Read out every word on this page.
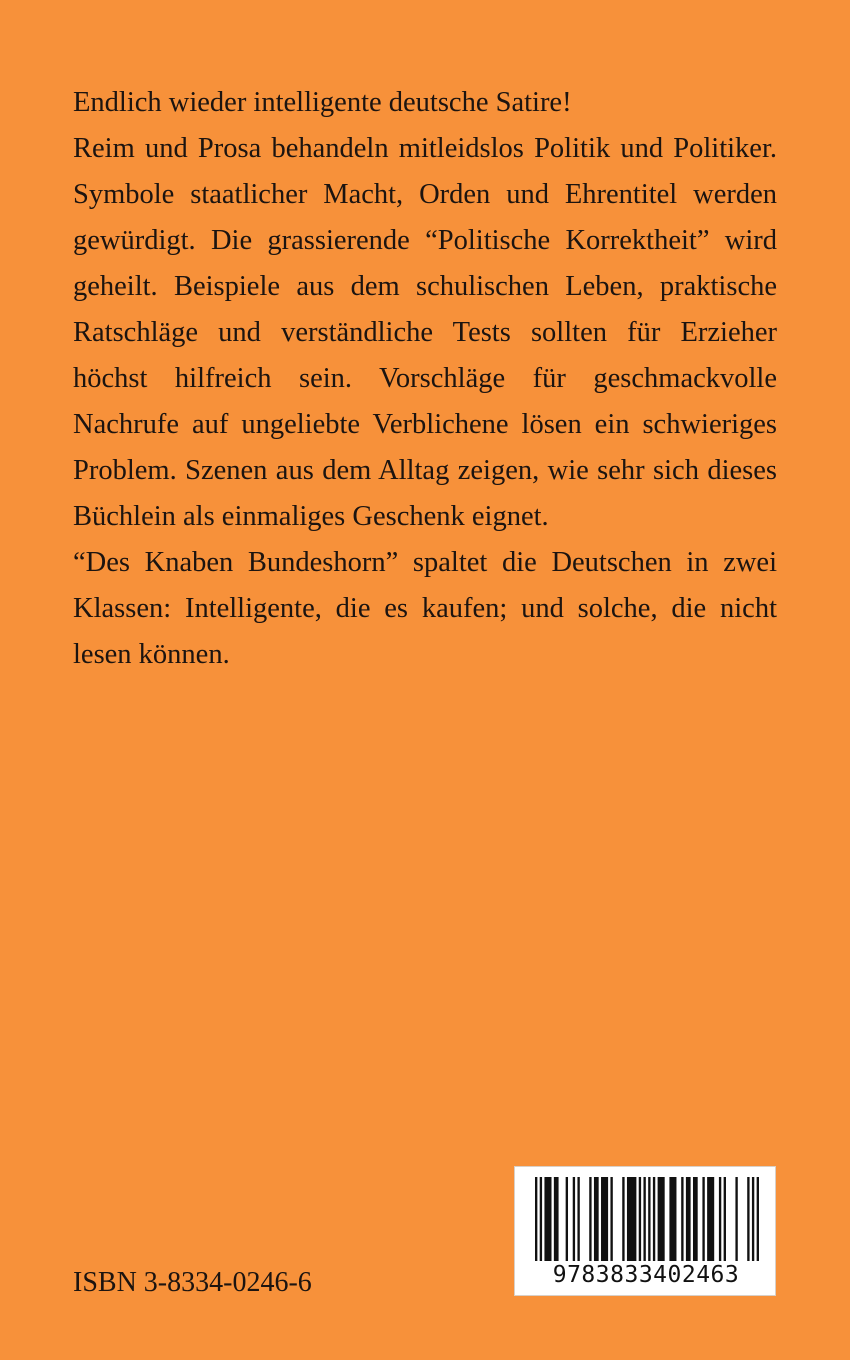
Endlich wieder intelligente deutsche Satire!

Reim und Prosa behandeln mitleidslos Politik und Politiker. Symbole staatlicher Macht, Orden und Ehrentitel werden gewürdigt. Die grassierende “Politische Korrektheit” wird geheilt. Beispiele aus dem schulischen Leben, praktische Ratschläge und verständliche Tests sollten für Erzieher höchst hilfreich sein. Vorschläge für geschmackvolle Nachrufe auf ungeliebte Verblichene lösen ein schwieriges Problem. Szenen aus dem Alltag zeigen, wie sehr sich dieses Büchlein als einmaliges Geschenk eignet.

“Des Knaben Bundeshorn” spaltet die Deutschen in zwei Klassen: Intelligente, die es kaufen; und solche, die nicht lesen können.

ISBN 3-8334-0246-6	9783833402463
